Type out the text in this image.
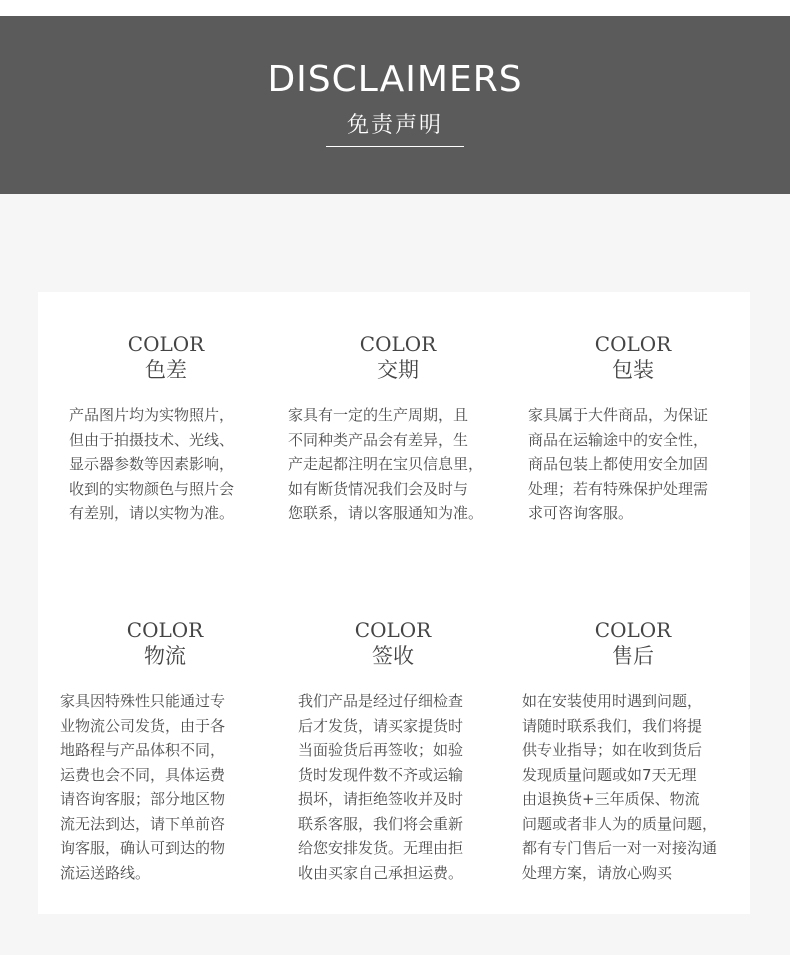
DISCLAIMERS
免责声明
COLOR
色差
产品图片均为实物照片，
但由于拍摄技术、光线、
显示器参数等因素影响，
收到的实物颜色与照片会
有差别，请以实物为准。
COLOR
交期
家具有一定的生产周期，且
不同种类产品会有差异，生
产走起都注明在宝贝信息里，
如有断货情况我们会及时与
您联系，请以客服通知为准。
COLOR
包装
家具属于大件商品，为保证
商品在运输途中的安全性，
商品包装上都使用安全加固
处理；若有特殊保护处理需
求可咨询客服。
COLOR
物流
家具因特殊性只能通过专
业物流公司发货，由于各
地路程与产品体积不同，
运费也会不同，具体运费
请咨询客服；部分地区物
流无法到达，请下单前咨
询客服，确认可到达的物
流运送路线。
COLOR
签收
我们产品是经过仔细检查
后才发货，请买家提货时
当面验货后再签收；如验
货时发现件数不齐或运输
损坏，请拒绝签收并及时
联系客服，我们将会重新
给您安排发货。无理由拒
收由买家自己承担运费。
COLOR
售后
如在安装使用时遇到问题，
请随时联系我们，我们将提
供专业指导；如在收到货后
发现质量问题或如7天无理
由退换货+三年质保、物流
问题或者非人为的质量问题，
都有专门售后一对一对接沟通
处理方案，请放心购买
